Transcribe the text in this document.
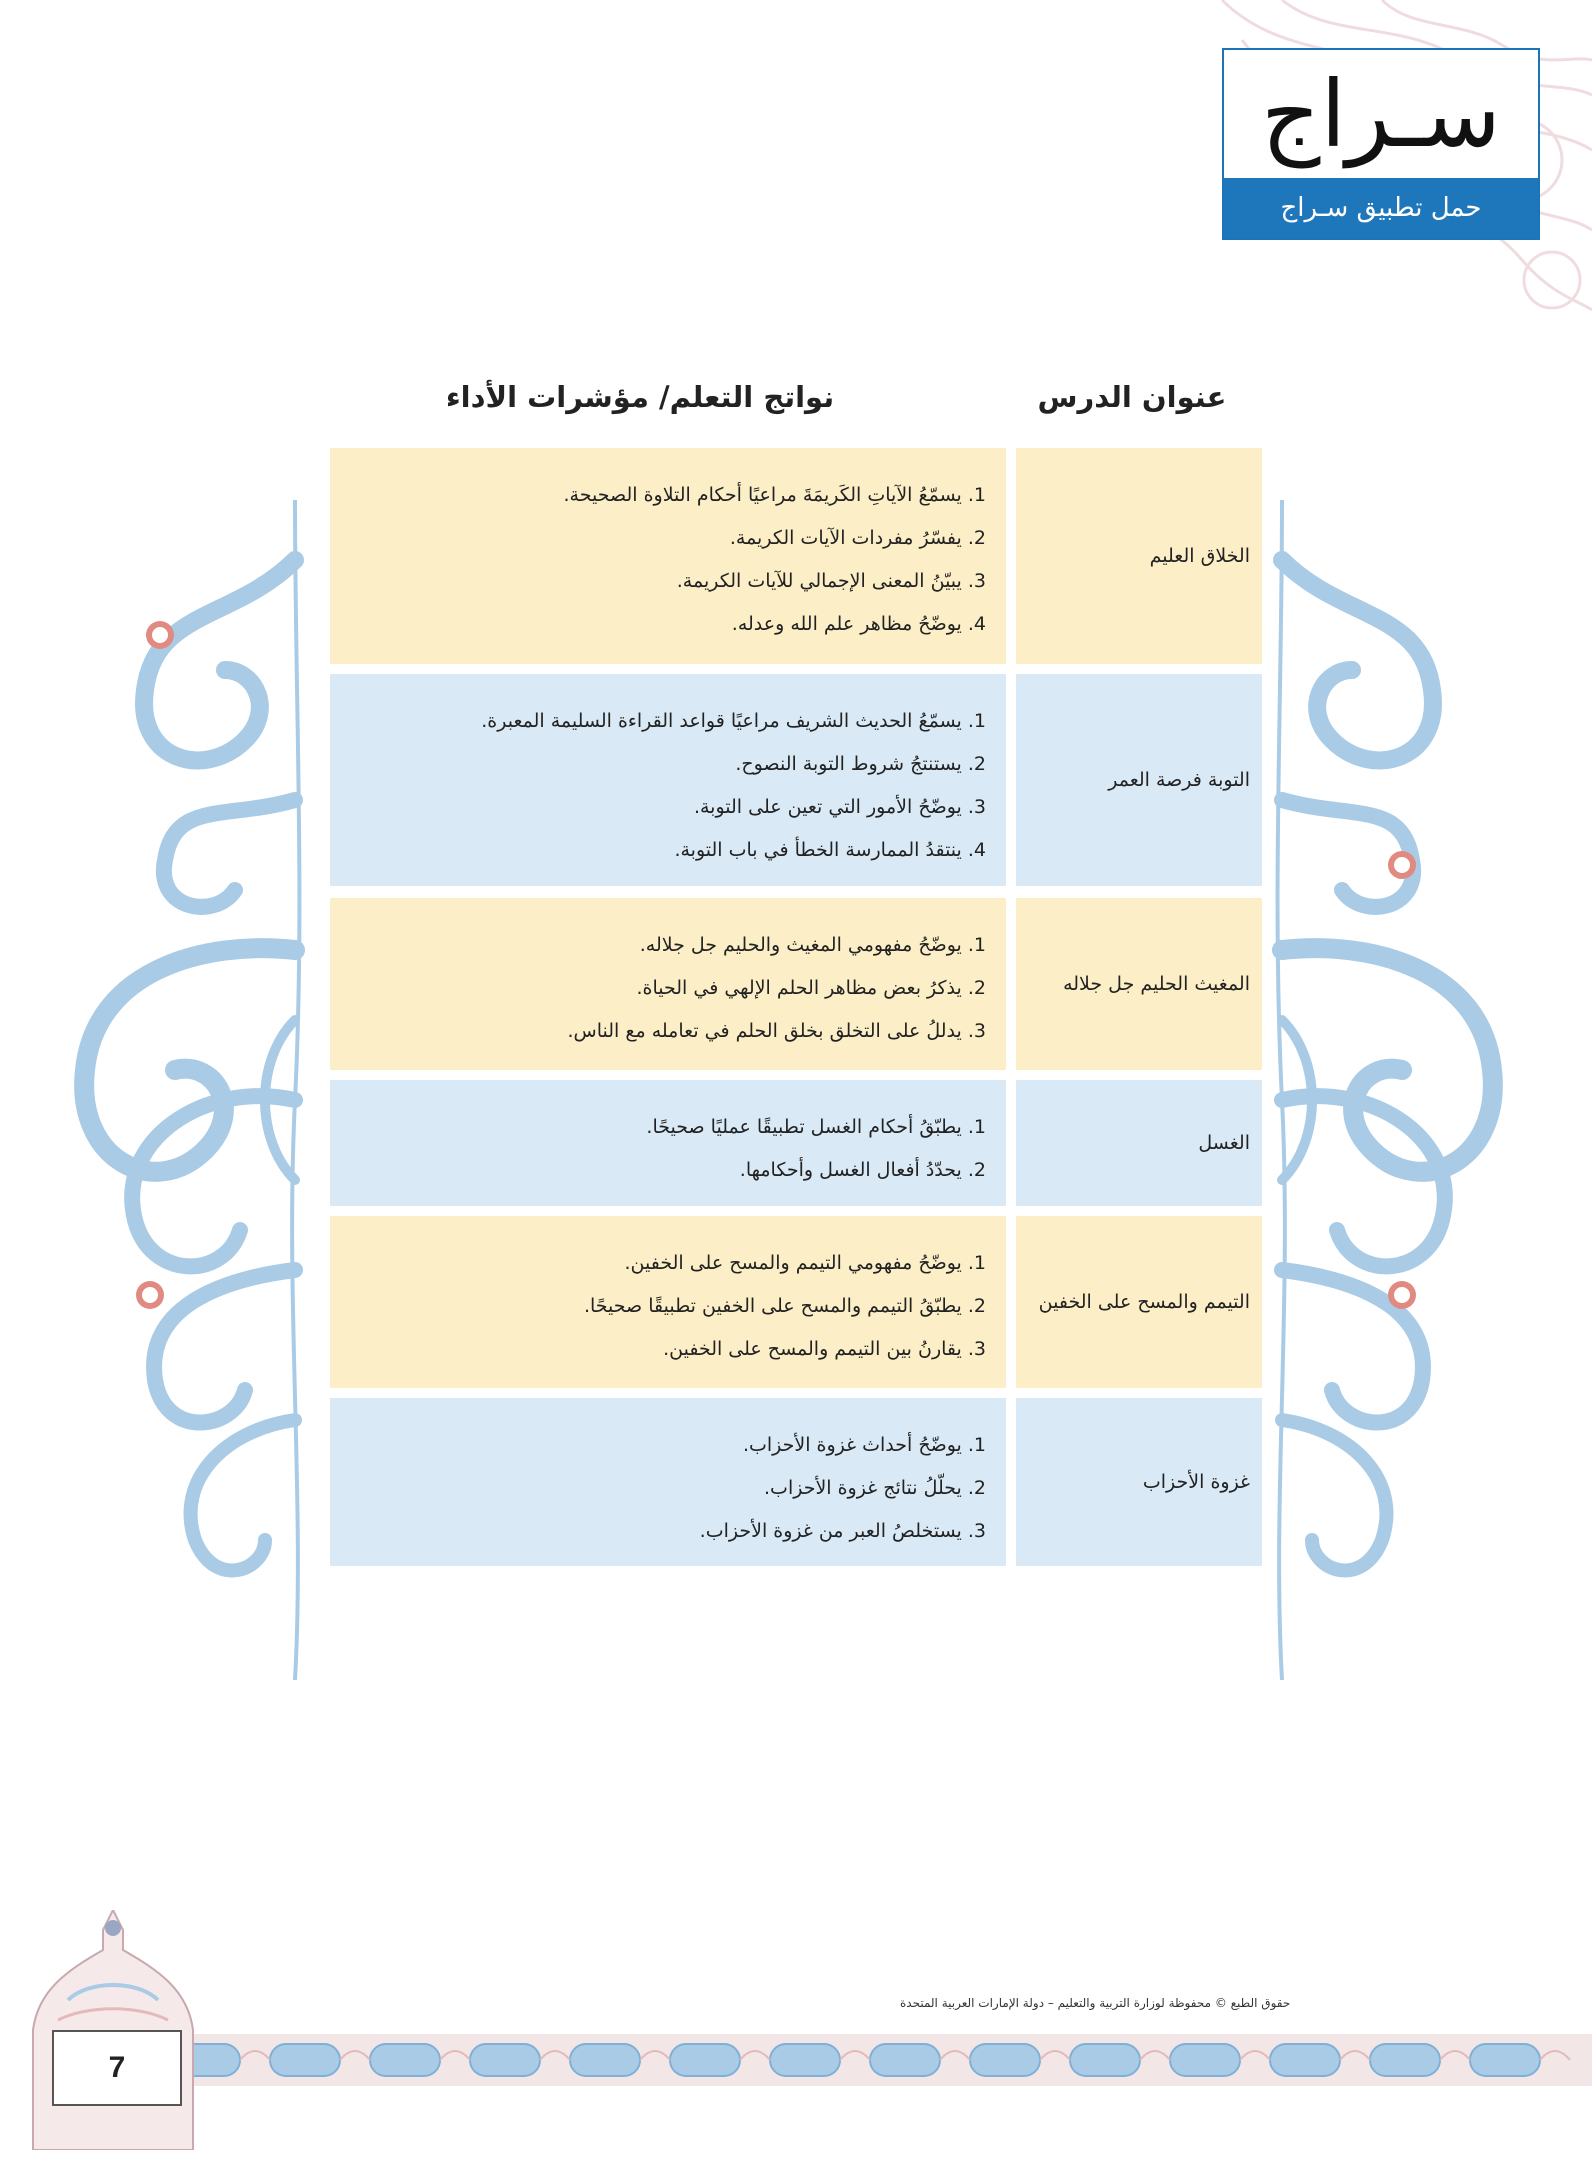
سـراج
حمل تطبيق سـراج
عنوان الدرس
نواتج التعلم/ مؤشرات الأداء
الخلاق العليم
1. يسمّعُ الآياتِ الكَريمَةَ مراعيًا أحكام التلاوة الصحيحة.
2. يفسّرُ مفردات الآيات الكريمة.
3. يبيّنُ المعنى الإجمالي للآيات الكريمة.
4. يوضّحُ مظاهر علم الله وعدله.
التوبة فرصة العمر
1. يسمّعُ الحديث الشريف مراعيًا قواعد القراءة السليمة المعبرة.
2. يستنتجُ شروط التوبة النصوح.
3. يوضّحُ الأمور التي تعين على التوبة.
4. ينتقدُ الممارسة الخطأ في باب التوبة.
المغيث الحليم جل جلاله
1. يوضّحُ مفهومي المغيث والحليم جل جلاله.
2. يذكرُ بعض مظاهر الحلم الإلهي في الحياة.
3. يدللُ على التخلق بخلق الحلم في تعامله مع الناس.
الغسل
1. يطبّقُ أحكام الغسل تطبيقًا عمليًا صحيحًا.
2. يحدّدُ أفعال الغسل وأحكامها.
التيمم والمسح على الخفين
1. يوضّحُ مفهومي التيمم والمسح على الخفين.
2. يطبّقُ التيمم والمسح على الخفين تطبيقًا صحيحًا.
3. يقارنُ بين التيمم والمسح على الخفين.
غزوة الأحزاب
1. يوضّحُ أحداث غزوة الأحزاب.
2. يحلّلُ نتائج غزوة الأحزاب.
3. يستخلصُ العبر من غزوة الأحزاب.
حقوق الطبع © محفوظة لوزارة التربية والتعليم – دولة الإمارات العربية المتحدة
7
